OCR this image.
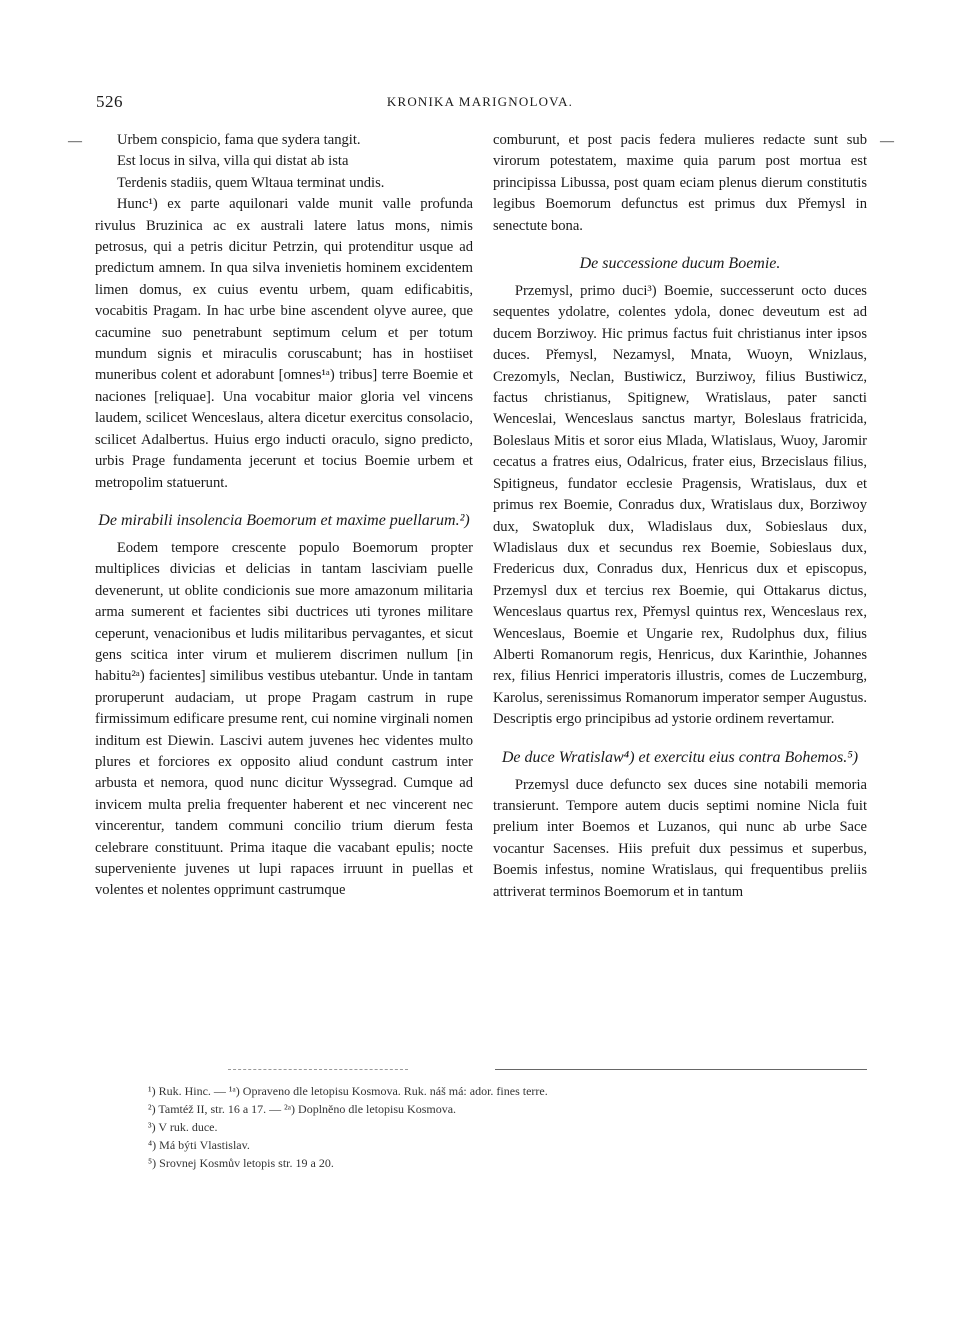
526	KRONIKA MARIGNOLOVA.
—	—
Urbem conspicio, fama que sydera tangit.
Est locus in silva, villa qui distat ab ista
Terdenis stadiis, quem Wltaua terminat undis.

Hunc¹) ex parte aquilonari valde munit valle profunda rivulus Bruzinica ac ex australi latere latus mons, nimis petrosus, qui a petris dicitur Petrzin, qui protenditur usque ad predictum amnem. In qua silva invenietis hominem excidentem limen domus, ex cuius eventu urbem, quam edificabitis, vocabitis Pragam. In hac urbe bine ascendent olyve auree, que cacumine suo penetrabunt septimum celum et per totum mundum signis et miraculis coruscabunt; has in hostiiset muneribus colent et adorabunt [omnes¹ᵃ) tribus] terre Boemie et naciones [reliquae]. Una vocabitur maior gloria vel vincens laudem, scilicet Wenceslaus, altera dicetur exercitus consolacio, scilicet Adalbertus. Huius ergo inducti oraculo, signo predicto, urbis Prage fundamenta jecerunt et tocius Boemie urbem et metropolim statuerunt.

De mirabili insolencia Boemorum et maxime puellarum.²)

Eodem tempore crescente populo Boemorum propter multiplices divicias et delicias in tantam lasciviam puelle devenerunt, ut oblite condicionis sue more amazonum militaria arma sumerent et facientes sibi ductrices uti tyrones militare ceperunt, venacionibus et ludis militaribus pervagantes, et sicut gens scitica inter virum et mulierem discrimen nullum [in habitu²ᵃ) facientes] similibus vestibus utebantur. Unde in tantam proruperunt audaciam, ut prope Pragam castrum in rupe firmissimum edificare presume rent, cui nomine virginali nomen inditum est Diewin. Lascivi autem juvenes hec videntes multo plures et forciores ex opposito aliud condunt castrum inter arbusta et nemora, quod nunc dicitur Wyssegrad. Cumque ad invicem multa prelia frequenter haberent et nec vincerent nec vincerentur, tandem communi concilio trium dierum festa celebrare constituunt. Prima itaque die vacabant epulis; nocte superveniente juvenes ut lupi rapaces irruunt in puellas et volentes et nolentes opprimunt castrumque

comburunt, et post pacis federa mulieres redacte sunt sub virorum potestatem, maxime quia parum post mortua est principissa Libussa, post quam eciam plenus dierum constitutis legibus Boemorum defunctus est primus dux Přemysl in senectute bona.

De successione ducum Boemie.

Przemysl, primo duci³) Boemie, successerunt octo duces sequentes ydolatre, colentes ydola, donec deveutum est ad ducem Borziwoy. Hic primus factus fuit christianus inter ipsos duces. Přemysl, Nezamysl, Mnata, Wuoyn, Wnizlaus, Crezomyls, Neclan, Bustiwicz, Burziwoy, filius Bustiwicz, factus christianus, Spitignew, Wratislaus, pater sancti Wenceslai, Wenceslaus sanctus martyr, Boleslaus fratricida, Boleslaus Mitis et soror eius Mlada, Wlatislaus, Wuoy, Jaromir cecatus a fratres eius, Odalricus, frater eius, Brzecislaus filius, Spitigneus, fundator ecclesie Pragensis, Wratislaus, dux et primus rex Boemie, Conradus dux, Wratislaus dux, Borziwoy dux, Swatopluk dux, Wladislaus dux, Sobieslaus dux, Wladislaus dux et secundus rex Boemie, Sobieslaus dux, Fredericus dux, Conradus dux, Henricus dux et episcopus, Przemysl dux et tercius rex Boemie, qui Ottakarus dictus, Wenceslaus quartus rex, Přemysl quintus rex, Wenceslaus rex, Wenceslaus, Boemie et Ungarie rex, Rudolphus dux, filius Alberti Romanorum regis, Henricus, dux Karinthie, Johannes rex, filius Henrici imperatoris illustris, comes de Luczemburg, Karolus, serenissimus Romanorum imperator semper Augustus. Descriptis ergo principibus ad ystorie ordinem revertamur.

De duce Wratislaw⁴) et exercitu eius contra Bohemos.⁵)

Przemysl duce defuncto sex duces sine notabili memoria transierunt. Tempore autem ducis septimi nomine Nicla fuit prelium inter Boemos et Luzanos, qui nunc ab urbe Sace vocantur Sacenses. Hiis prefuit dux pessimus et superbus, Boemis infestus, nomine Wratislaus, qui frequentibus preliis attriverat terminos Boemorum et in tantum

¹) Ruk. Hinc. — ¹ᵃ) Opraveno dle letopisu Kosmova. Ruk. náš má: ador. fines terre.
²) Tamtéž II, str. 16 a 17. — ²ᵃ) Doplněno dle letopisu Kosmova.
³) V ruk. duce.
⁴) Má býti Vlastislav.
⁵) Srovnej Kosmův letopis str. 19 a 20.
